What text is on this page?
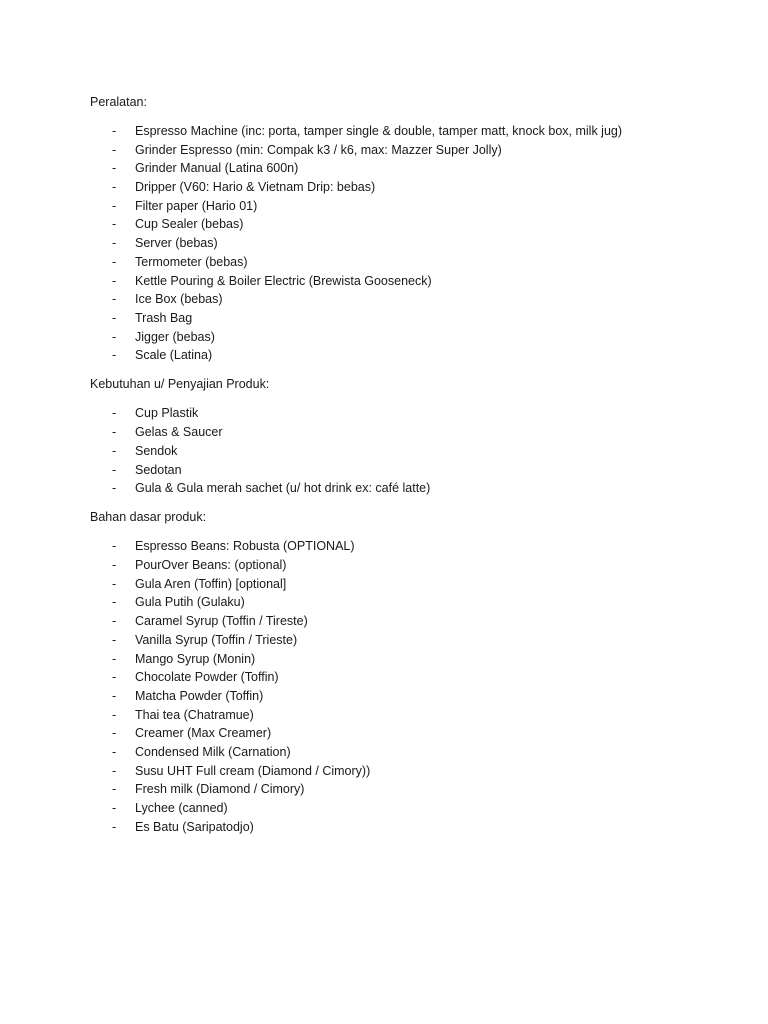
Peralatan:
- Espresso Machine (inc: porta, tamper single & double, tamper matt, knock box, milk jug)
- Grinder Espresso (min: Compak k3 / k6, max: Mazzer Super Jolly)
- Grinder Manual (Latina 600n)
- Dripper (V60: Hario & Vietnam Drip: bebas)
- Filter paper (Hario 01)
- Cup Sealer (bebas)
- Server (bebas)
- Termometer (bebas)
- Kettle Pouring & Boiler Electric (Brewista Gooseneck)
- Ice Box (bebas)
- Trash Bag
- Jigger (bebas)
- Scale (Latina)
Kebutuhan u/ Penyajian Produk:
- Cup Plastik
- Gelas & Saucer
- Sendok
- Sedotan
- Gula & Gula merah sachet (u/ hot drink ex: café latte)
Bahan dasar produk:
- Espresso Beans: Robusta (OPTIONAL)
- PourOver Beans: (optional)
- Gula Aren (Toffin) [optional]
- Gula Putih (Gulaku)
- Caramel Syrup (Toffin / Tireste)
- Vanilla Syrup (Toffin / Trieste)
- Mango Syrup (Monin)
- Chocolate Powder (Toffin)
- Matcha Powder (Toffin)
- Thai tea (Chatramue)
- Creamer (Max Creamer)
- Condensed Milk (Carnation)
- Susu UHT Full cream (Diamond / Cimory))
- Fresh milk (Diamond / Cimory)
- Lychee (canned)
- Es Batu (Saripatodjo)
